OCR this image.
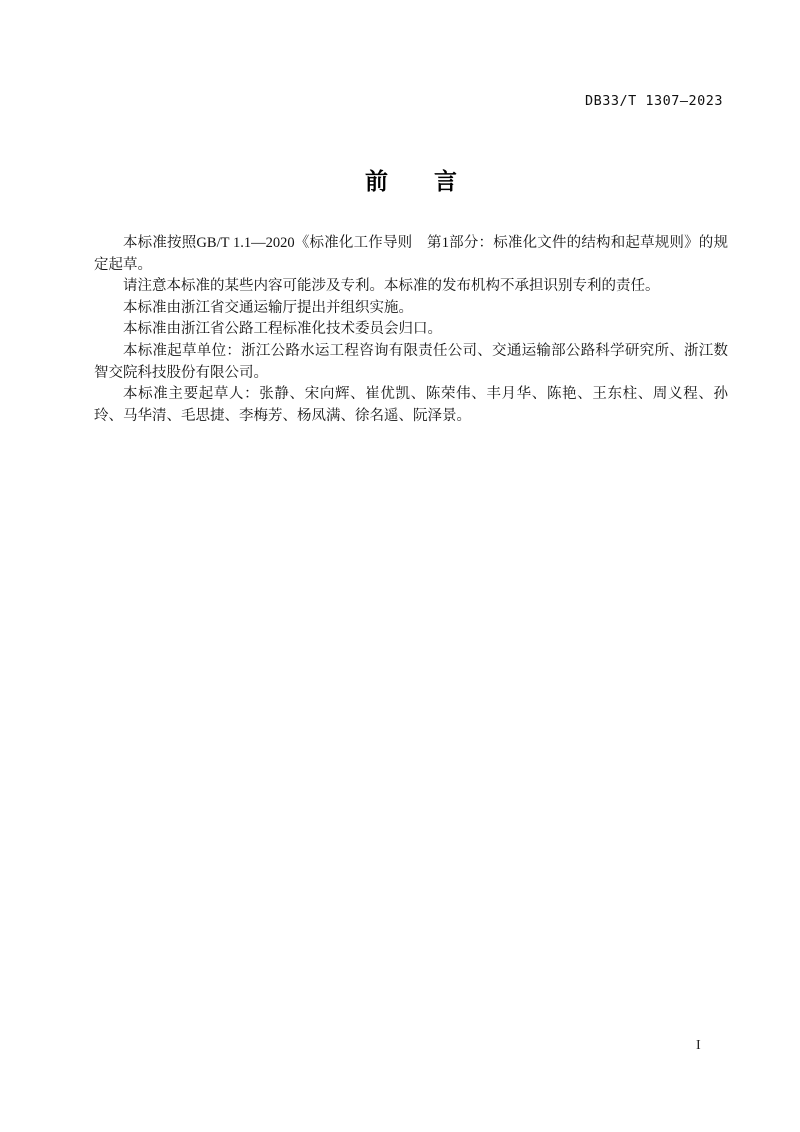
DB33/T 1307—2023
前　　言

本标准按照GB/T 1.1—2020《标准化工作导则　第1部分：标准化文件的结构和起草规则》的规定起草。

请注意本标准的某些内容可能涉及专利。本标准的发布机构不承担识别专利的责任。

本标准由浙江省交通运输厅提出并组织实施。

本标准由浙江省公路工程标准化技术委员会归口。

本标准起草单位：浙江公路水运工程咨询有限责任公司、交通运输部公路科学研究所、浙江数智交院科技股份有限公司。

本标准主要起草人：张静、宋向辉、崔优凯、陈荣伟、丰月华、陈艳、王东柱、周义程、孙玲、马华清、毛思捷、李梅芳、杨凤满、徐名遥、阮泽景。

I
